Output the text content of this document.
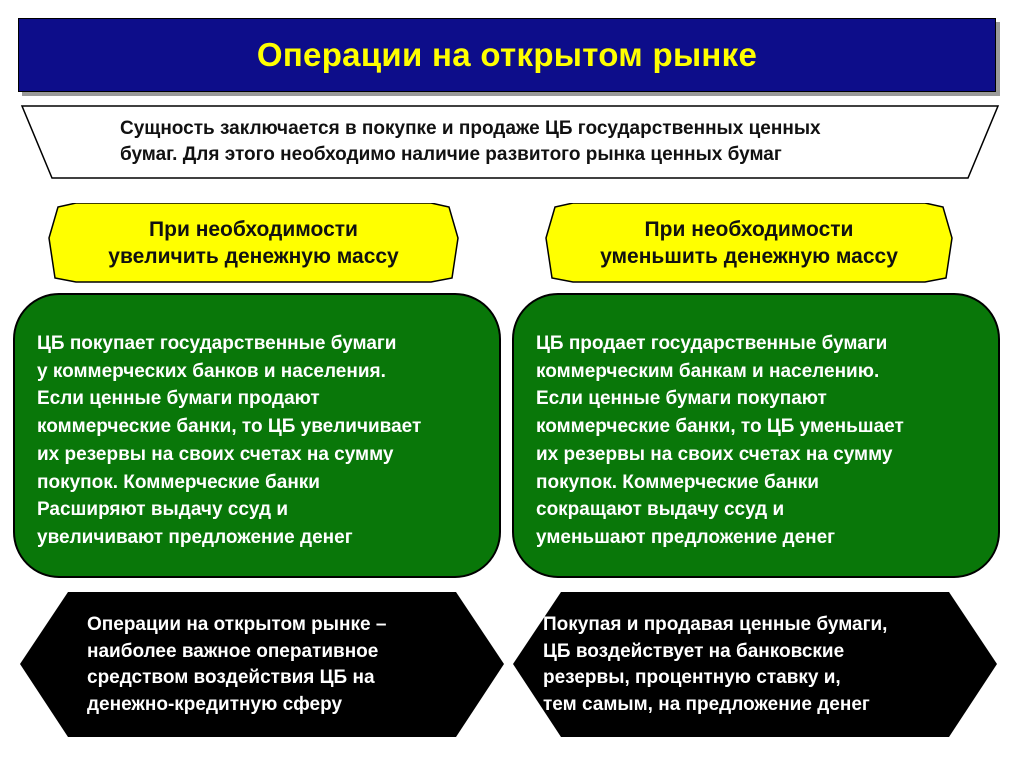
Операции на открытом рынке
Сущность заключается в покупке и продаже ЦБ государственных ценных
бумаг. Для этого необходимо наличие развитого рынка ценных бумаг
При необходимости
увеличить денежную массу
При необходимости
уменьшить денежную массу
ЦБ покупает государственные бумаги
у коммерческих банков и населения.
Если ценные бумаги продают
коммерческие банки, то ЦБ увеличивает
их резервы на своих счетах на сумму
покупок. Коммерческие банки
Расширяют выдачу ссуд и
увеличивают предложение денег
ЦБ продает государственные бумаги
коммерческим банкам и населению.
Если ценные бумаги покупают
коммерческие банки, то ЦБ уменьшает
их резервы на своих счетах на сумму
покупок. Коммерческие банки
сокращают выдачу ссуд и
уменьшают предложение денег
Операции на открытом рынке –
наиболее важное оперативное
средством воздействия ЦБ на
денежно-кредитную сферу
Покупая и продавая ценные бумаги,
ЦБ воздействует на банковские
резервы, процентную ставку и,
тем самым, на предложение денег
